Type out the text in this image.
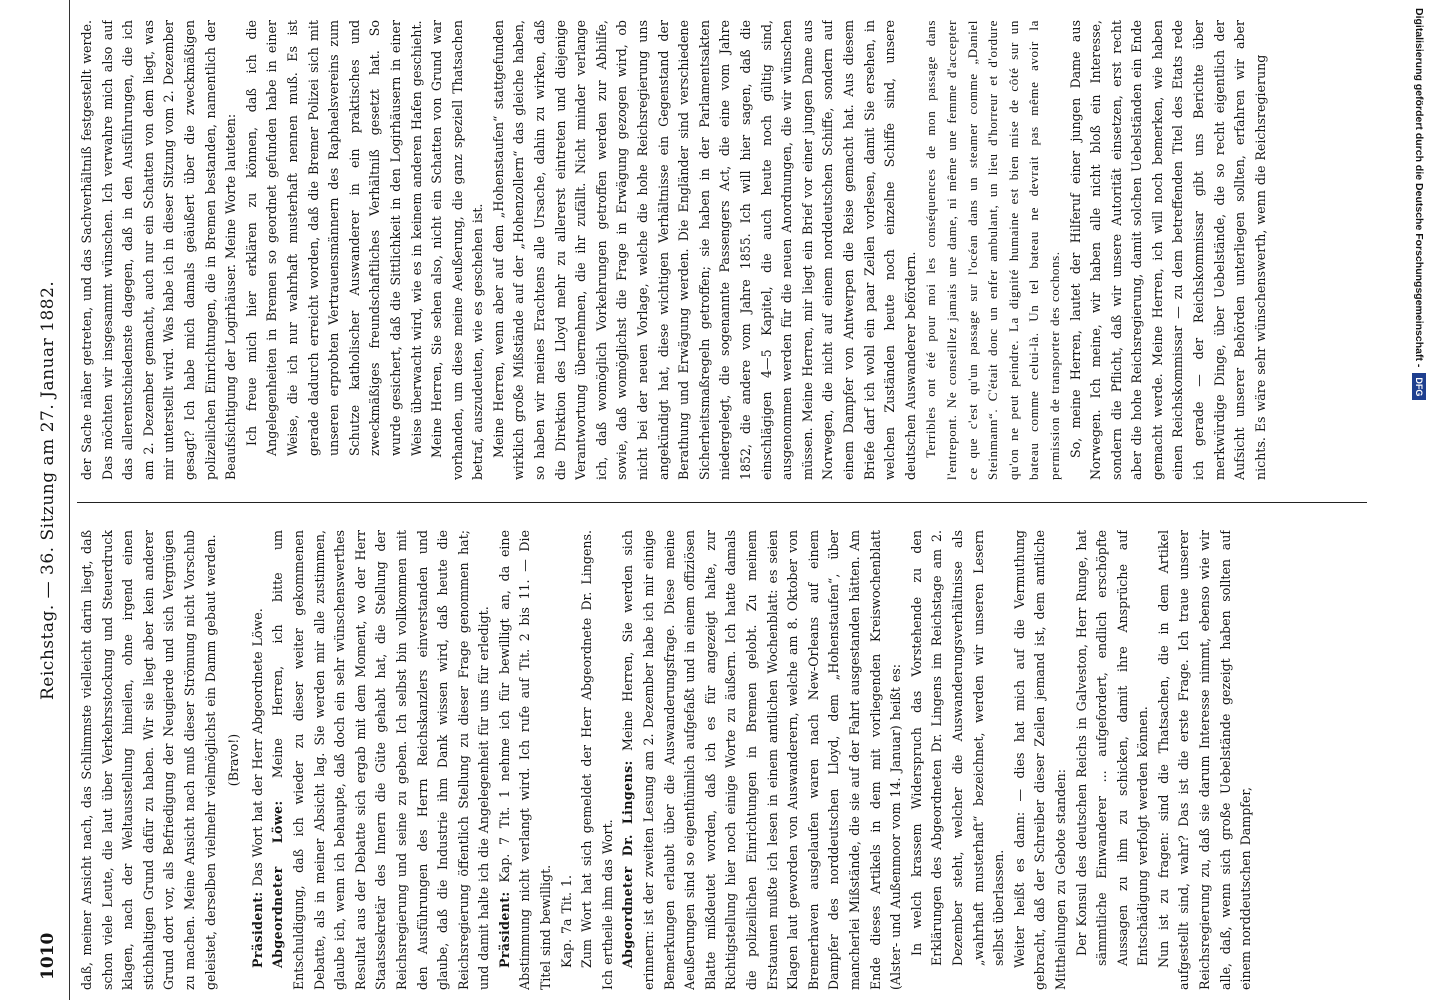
1010
Reichstag. — 36. Sitzung am 27. Januar 1882.

daß, meiner Ansicht nach, das Schlimmste vielleicht darin liegt, daß schon viele Leute, die laut über Verkehrsstockung und Steuerdruck klagen, nach der Weltausstellung hineilen, ohne irgend einen stichhaltigen Grund dafür zu haben. Wir sie liegt aber kein anderer Grund dort vor, als Befriedigung der Neugierde und sich Vergnügen zu machen. Meine Ansicht nach muß dieser Strömung nicht Vorschub geleistet, derselben vielmehr vielmöglichst ein Damm gebaut werden. (Bravo!)

Präsident: Das Wort hat der Herr Abgeordnete Löwe. Abgeordneter Löwe: Meine Herren, ich bitte um Entschuldigung, daß ich wieder zu dieser weiter gekommenen Debatte, als in meiner Absicht lag. Sie werden mir alle zustimmen, glaube ich, wenn ich behaupte, daß doch ein sehr wünschenswerthes Resultat aus der Debatte sich ergab mit dem Moment, wo der Herr Staatssekretär des Innern die Güte gehabt hat, die Stellung der Reichsregierung und seine zu geben. Ich selbst bin vollkommen mit den Ausführungen des Herrn Reichskanzlers einverstanden und glaube, daß die Industrie ihm Dank wissen wird, daß heute die Reichsregierung öffentlich Stellung zu dieser Frage genommen hat; und damit halte ich die Angelegenheit für uns für erledigt. Präsident: Kap. 7 Tit. 1 nehme ich für bewilligt an, da eine Abstimmung nicht verlangt wird. Ich rufe auf Tit. 2 bis 11. — Die Titel sind bewilligt. Kap. 7a Tit. 1. Zum Wort hat sich gemeldet der Herr Abgeordnete Dr. Lingens. Ich ertheile ihm das Wort. Abgeordneter Dr. Lingens: Meine Herren, Sie werden sich erinnern: ist der zweiten Lesung am 2. Dezember habe ich mir einige Bemerkungen erlaubt über die Auswanderungsfrage. Diese meine Aeußerungen sind so eigenthümlich aufgefaßt und in einem offiziösen Blatte mißdeutet worden, daß ich es für angezeigt halte, zur Richtigstellung hier noch einige Worte zu äußern. Ich hatte damals die polizeilichen Einrichtungen in Bremen gelobt. Zu meinem Erstaunen mußte ich lesen in einem amtlichen Wochenblatt: es seien Klagen laut geworden von Auswanderern, welche am 8. Oktober von Bremerhaven ausgelaufen waren nach New-Orleans auf einem Dampfer des norddeutschen Lloyd, dem „Hohenstaufen“, über mancherlei Mißstände, die sie auf der Fahrt ausgestanden hätten. Am Ende dieses Artikels in dem mit vorliegenden Kreiswochenblatt (Alster- und Außenmoor vom 14. Januar) heißt es: In welch krassem Widerspruch das Vorstehende zu den Erklärungen des Abgeordneten Dr. Lingens im Reichstage am 2. Dezember steht, welcher die Auswanderungsverhältnisse als „wahrhaft musterhaft“ bezeichnet, werden wir unseren Lesern selbst überlassen. Weiter heißt es dann: — dies hat mich auf die Vermuthung gebracht, daß der Schreiber dieser Zeilen jemand ist, dem amtliche Mittheilungen zu Gebote standen: Der Konsul des deutschen Reichs in Galveston, Herr Runge, hat sämmtliche Einwanderer ... aufgefordert, endlich erschöpfte Aussagen zu ihm zu schicken, damit ihre Ansprüche auf Entschädigung verfolgt werden können. Nun ist zu fragen: sind die Thatsachen, die in dem Artikel aufgestellt sind, wahr? Das ist die erste Frage. Ich traue unserer Reichsregierung zu, daß sie darum Interesse nimmt, ebenso wie wir alle, daß, wenn sich große Uebelstände gezeigt haben sollten auf einem norddeutschen Dampfer,

der Sache näher getreten, und das Sachverhältniß festgestellt werde. Das möchten wir insgesammt wünschen. Ich verwahre mich also auf das allerentschiedenste dagegen, daß in den Ausführungen, die ich am 2. Dezember gemacht, auch nur ein Schatten von dem liegt, was mir unterstellt wird. Was habe ich in dieser Sitzung vom 2. Dezember gesagt? Ich habe mich damals geäußert über die zweckmäßigen polizeilichen Einrichtungen, die in Bremen bestanden, namentlich der Beaufsichtigung der Logirhäuser. Meine Worte lauteten: Ich freue mich hier erklären zu können, daß ich die Angelegenheiten in Bremen so geordnet gefunden habe in einer Weise, die ich nur wahrhaft musterhaft nennen muß. Es ist gerade dadurch erreicht worden, daß die Bremer Polizei sich mit unseren erprobten Vertrauensmännern des Raphaelsvereins zum Schutze katholischer Auswanderer in ein praktisches und zweckmäßiges freundschaftliches Verhältniß gesetzt hat. So wurde gesichert, daß die Sittlichkeit in den Logirhäusern in einer Weise überwacht wird, wie es in keinem anderen Hafen geschieht. Meine Herren, Sie sehen also, nicht ein Schatten von Grund war vorhanden, um diese meine Aeußerung, die ganz speziell Thatsachen betraf, auszudeuten, wie es geschehen ist. Meine Herren, wenn aber auf dem „Hohenstaufen“ stattgefunden wirklich große Mißstände auf der „Hohenzollern“ das gleiche haben, so haben wir meines Erachtens alle Ursache, dahin zu wirken, daß die Direktion des Lloyd mehr zu allererst eintreten und diejenige Verantwortung übernehmen, die ihr zufällt. Nicht minder verlange ich, daß womöglich Vorkehrungen getroffen werden zur Abhilfe, sowie, daß womöglichst die Frage in Erwägung gezogen wird, ob nicht bei der neuen Vorlage, welche die hohe Reichsregierung uns angekündigt hat, diese wichtigen Verhältnisse ein Gegenstand der Berathung und Erwägung werden. Die Engländer sind verschiedene Sicherheitsmaßregeln getroffen; sie haben in der Parlamentsakten niedergelegt, die sogenannte Passengers Act, die eine vom Jahre 1852, die andere vom Jahre 1855. Ich will hier sagen, daß die einschlägigen 4—5 Kapitel, die auch heute noch gültig sind, ausgenommen werden für die neuen Anordnungen, die wir wünschen müssen. Meine Herren, mir liegt ein Brief vor einer jungen Dame aus Norwegen, die nicht auf einem norddeutschen Schiffe, sondern auf einem Dampfer von Antwerpen die Reise gemacht hat. Aus diesem Briefe darf ich wohl ein paar Zeilen vorlesen, damit Sie ersehen, in welchen Zuständen heute noch einzelne Schiffe sind, unsere deutschen Auswanderer befördern. Terribles ont été pour moi les conséquences de mon passage dans l'entrepont. Ne conseillez jamais une dame, ni même une femme d'accepter ce que c'est qu'un passage sur l'océan dans un steamer comme „Daniel Steinmann“. C'était donc un enfer ambulant, un lieu d'horreur et d'ordure qu'on ne peut peindre. La dignité humaine est bien mise de côté sur un bateau comme celui-là. Un tel bateau ne devrait pas même avoir la permission de transporter des cochons. So, meine Herren, lautet der Hilferuf einer jungen Dame aus Norwegen. Ich meine, wir haben alle nicht bloß ein Interesse, sondern die Pflicht, daß wir unsere Autorität einsetzen, erst recht aber die hohe Reichsregierung, damit solchen Uebelständen ein Ende gemacht werde. Meine Herren, ich will noch bemerken, wie haben einen Reichskommissar — zu dem betreffenden Titel des Etats rede ich gerade — der Reichskommissar gibt uns Berichte über merkwürdige Dinge, über Uebelstände, die so recht eigentlich der Aufsicht unserer Behörden unterliegen sollten, erfahren wir aber nichts. Es wäre sehr wünschenswerth, wenn die Reichsregierung	Digitalisierung gefördert durch die Deutsche Forschungsgemeinschaft -DFG
